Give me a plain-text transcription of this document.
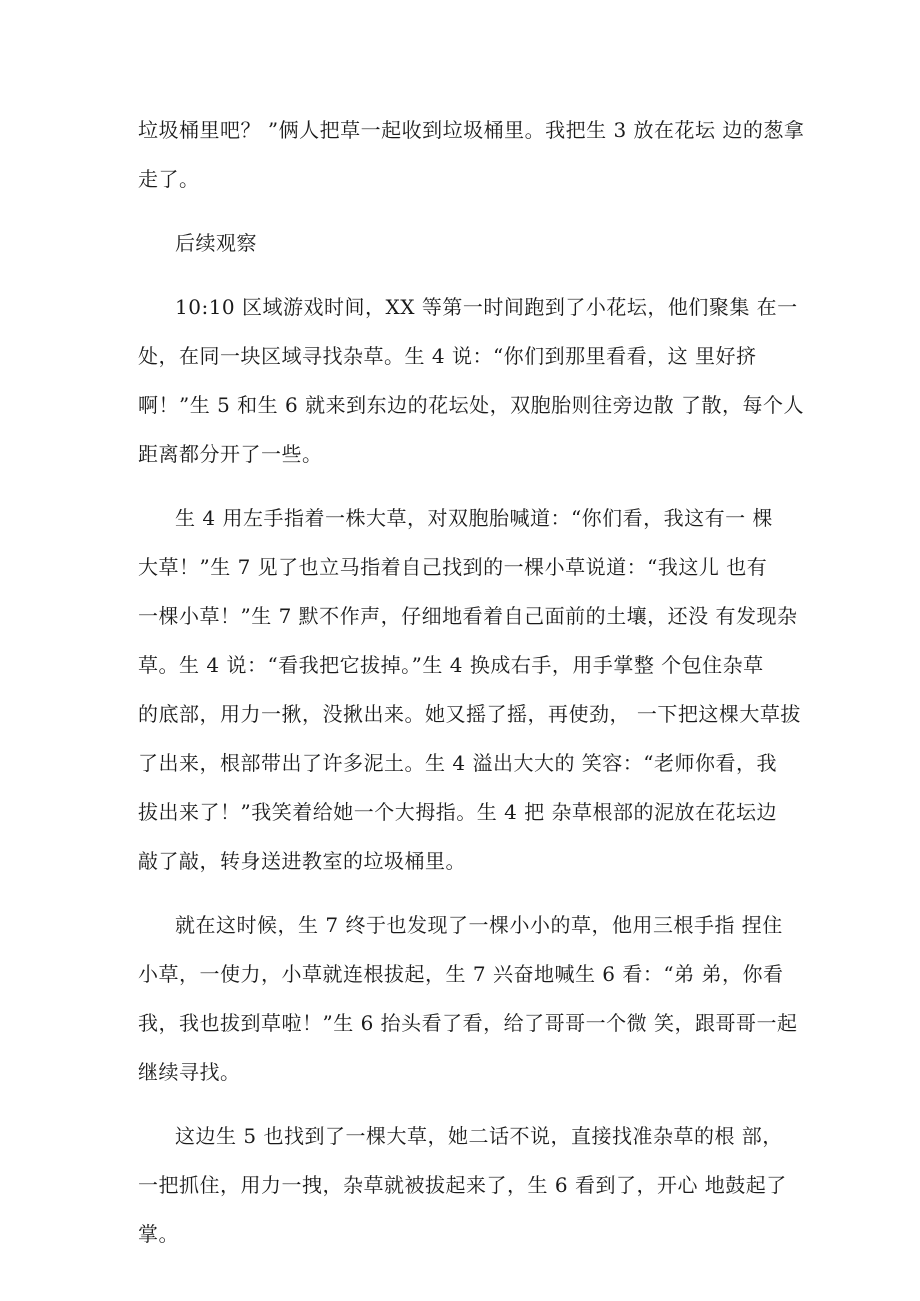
垃圾桶里吧？ ”俩人把草一起收到垃圾桶里。我把生 3 放在花坛 边的葱拿
走了。

后续观察

10:10 区域游戏时间，XX 等第一时间跑到了小花坛，他们聚集 在一
处，在同一块区域寻找杂草。生 4 说：“你们到那里看看，这 里好挤
啊！”生 5 和生 6 就来到东边的花坛处，双胞胎则往旁边散 了散，每个人
距离都分开了一些。

生 4 用左手指着一株大草，对双胞胎喊道：“你们看，我这有一 棵
大草！”生 7 见了也立马指着自己找到的一棵小草说道：“我这儿 也有
一棵小草！”生 7 默不作声，仔细地看着自己面前的土壤，还没 有发现杂
草。生 4 说：“看我把它拔掉。”生 4 换成右手，用手掌整 个包住杂草
的底部，用力一揪，没揪出来。她又摇了摇，再使劲， 一下把这棵大草拔
了出来，根部带出了许多泥土。生 4 溢出大大的 笑容：“老师你看，我
拔出来了！”我笑着给她一个大拇指。生 4 把 杂草根部的泥放在花坛边
敲了敲，转身送进教室的垃圾桶里。

就在这时候，生 7 终于也发现了一棵小小的草，他用三根手指 捏住
小草，一使力，小草就连根拔起，生 7 兴奋地喊生 6 看：“弟 弟，你看
我，我也拔到草啦！”生 6 抬头看了看，给了哥哥一个微 笑，跟哥哥一起
继续寻找。

这边生 5 也找到了一棵大草，她二话不说，直接找准杂草的根 部，
一把抓住，用力一拽，杂草就被拔起来了，生 6 看到了，开心 地鼓起了
掌。
